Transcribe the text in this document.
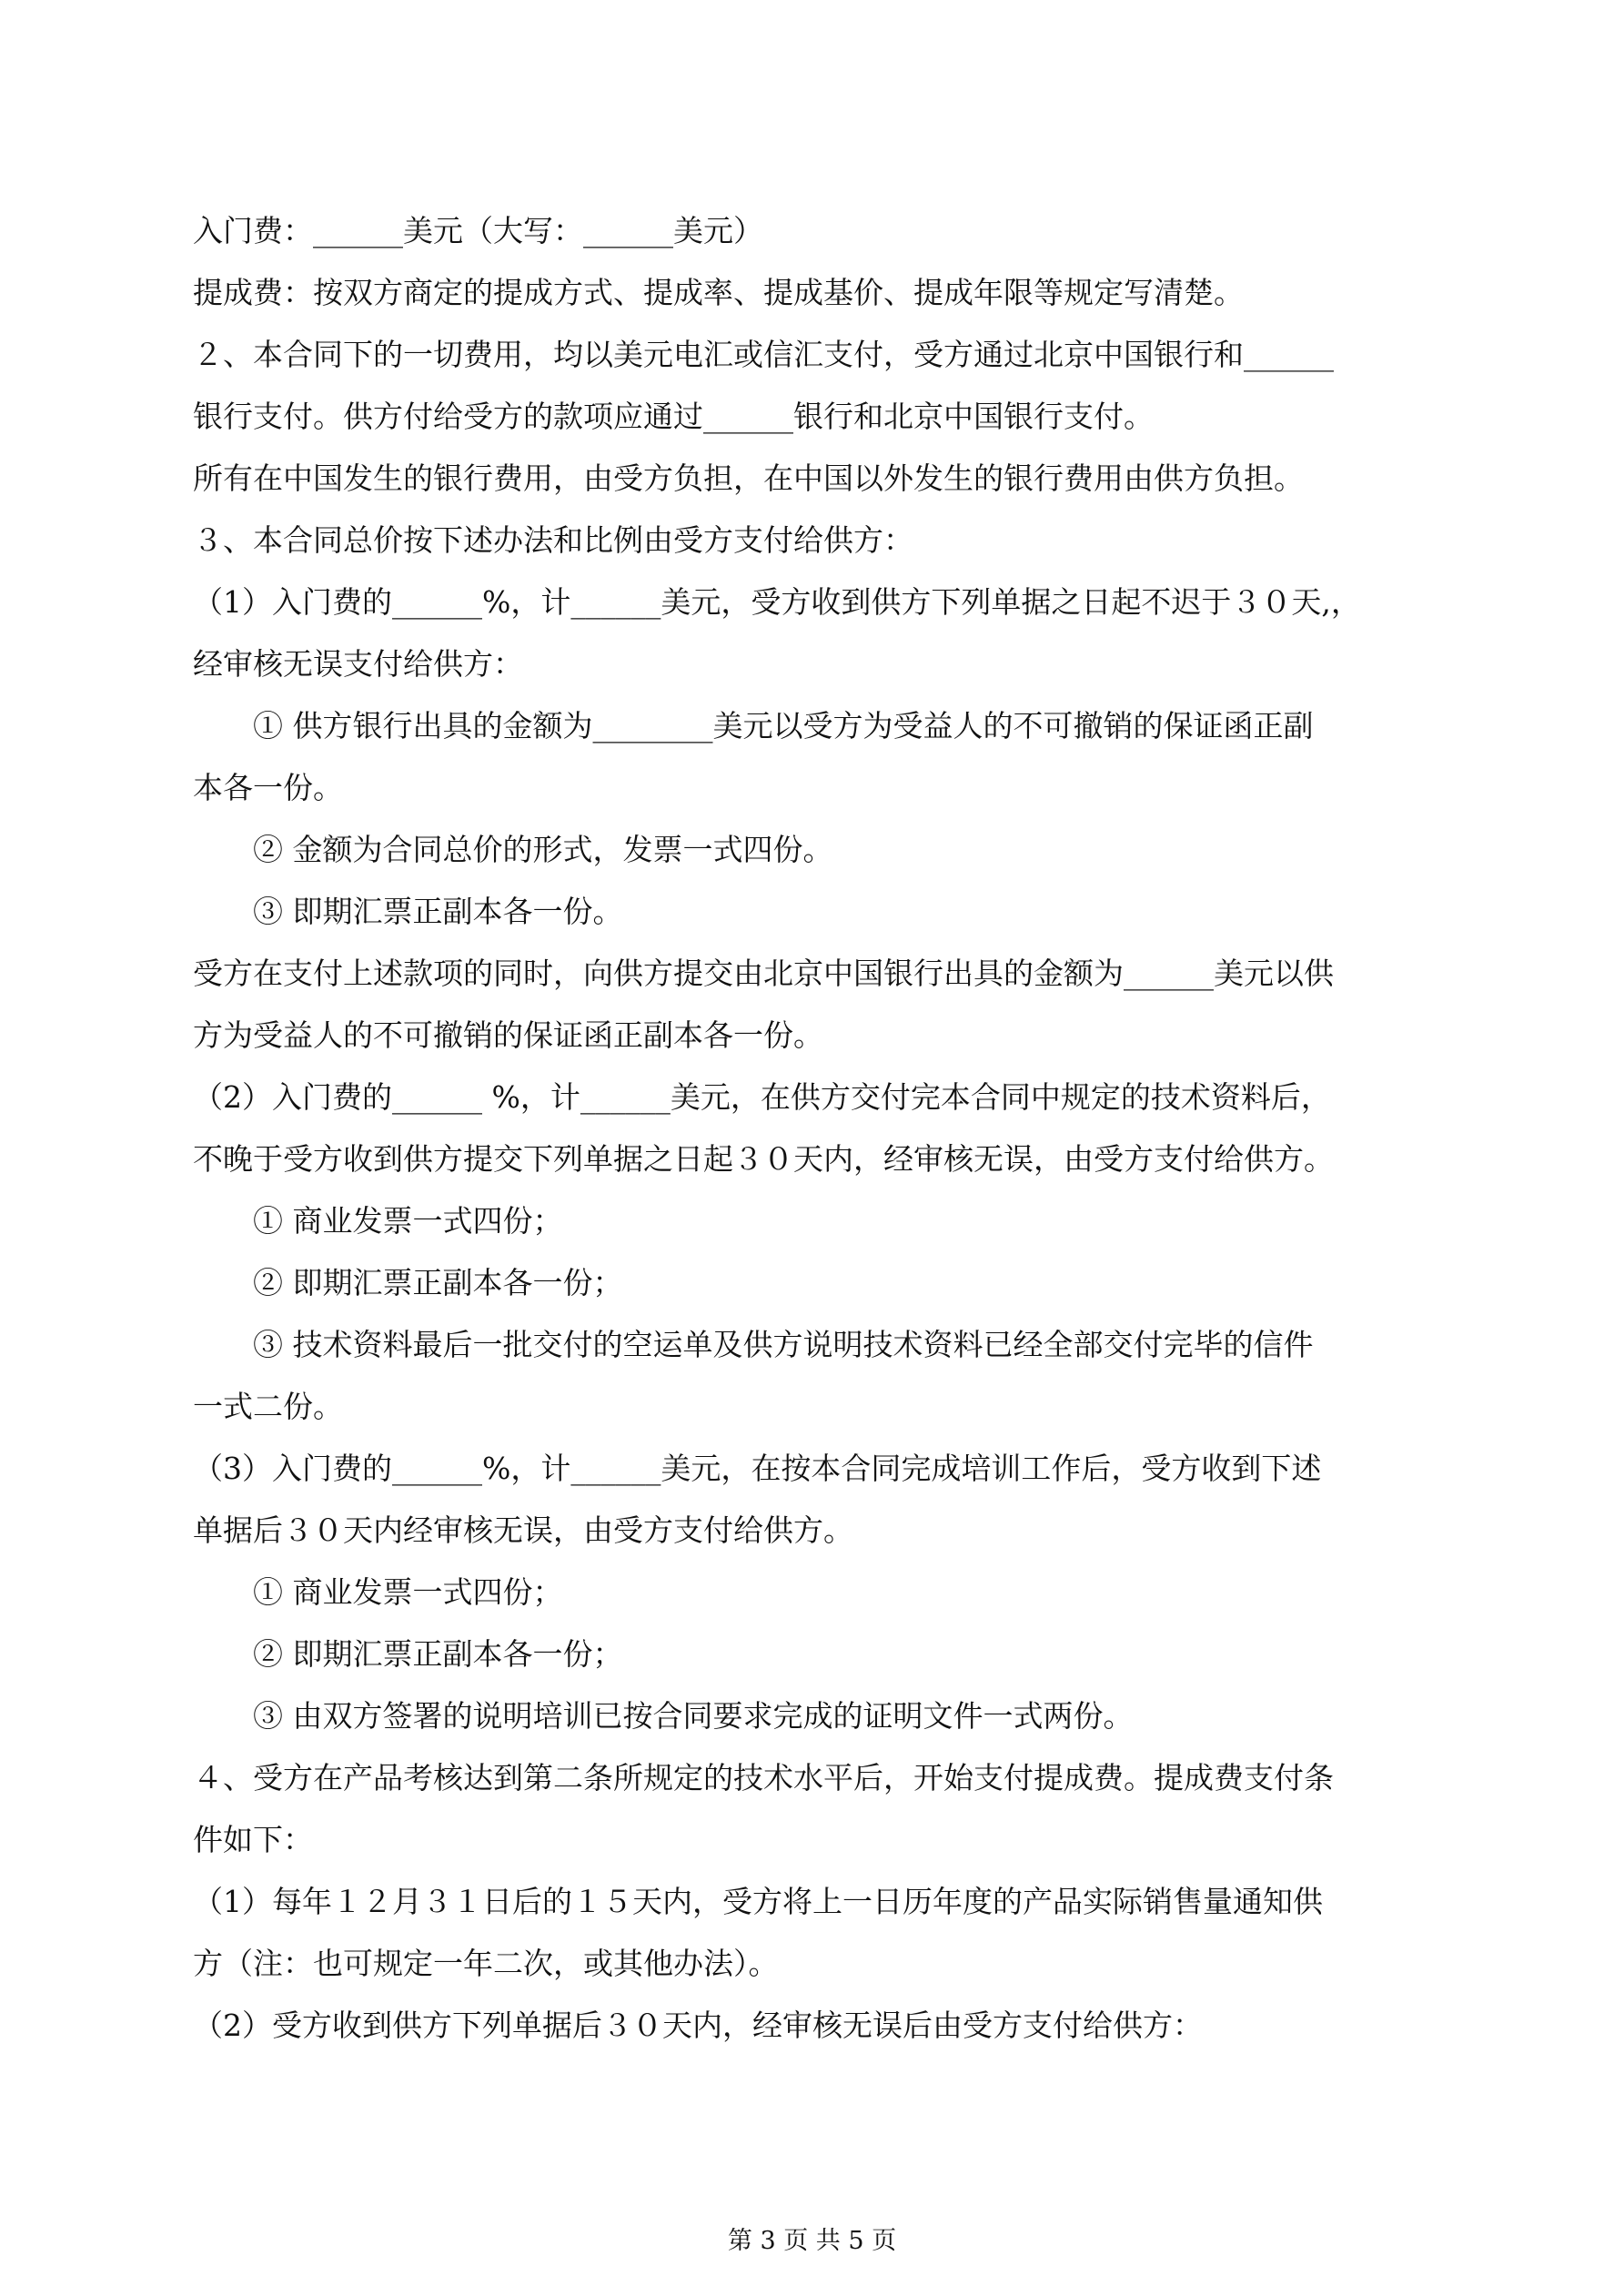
入门费：______美元（大写：______美元）
提成费：按双方商定的提成方式、提成率、提成基价、提成年限等规定写清楚。
２、本合同下的一切费用，均以美元电汇或信汇支付，受方通过北京中国银行和______
银行支付。供方付给受方的款项应通过______银行和北京中国银行支付。
所有在中国发生的银行费用，由受方负担，在中国以外发生的银行费用由供方负担。
３、本合同总价按下述办法和比例由受方支付给供方：
（1）入门费的______%，计______美元，受方收到供方下列单据之日起不迟于３０天,，
经审核无误支付给供方：
① 供方银行出具的金额为________美元以受方为受益人的不可撤销的保证函正副
本各一份。
② 金额为合同总价的形式，发票一式四份。
③ 即期汇票正副本各一份。
受方在支付上述款项的同时，向供方提交由北京中国银行出具的金额为______美元以供
方为受益人的不可撤销的保证函正副本各一份。
（2）入门费的______ %，计______美元，在供方交付完本合同中规定的技术资料后，
不晚于受方收到供方提交下列单据之日起３０天内，经审核无误，由受方支付给供方。
① 商业发票一式四份；
② 即期汇票正副本各一份；
③ 技术资料最后一批交付的空运单及供方说明技术资料已经全部交付完毕的信件
一式二份。
（3）入门费的______%，计______美元，在按本合同完成培训工作后，受方收到下述
单据后３０天内经审核无误，由受方支付给供方。
① 商业发票一式四份；
② 即期汇票正副本各一份；
③ 由双方签署的说明培训已按合同要求完成的证明文件一式两份。
４、受方在产品考核达到第二条所规定的技术水平后，开始支付提成费。提成费支付条
件如下：
（1）每年１２月３１日后的１５天内，受方将上一日历年度的产品实际销售量通知供
方（注：也可规定一年二次，或其他办法）。
（2）受方收到供方下列单据后３０天内，经审核无误后由受方支付给供方：
第 3 页 共 5 页
